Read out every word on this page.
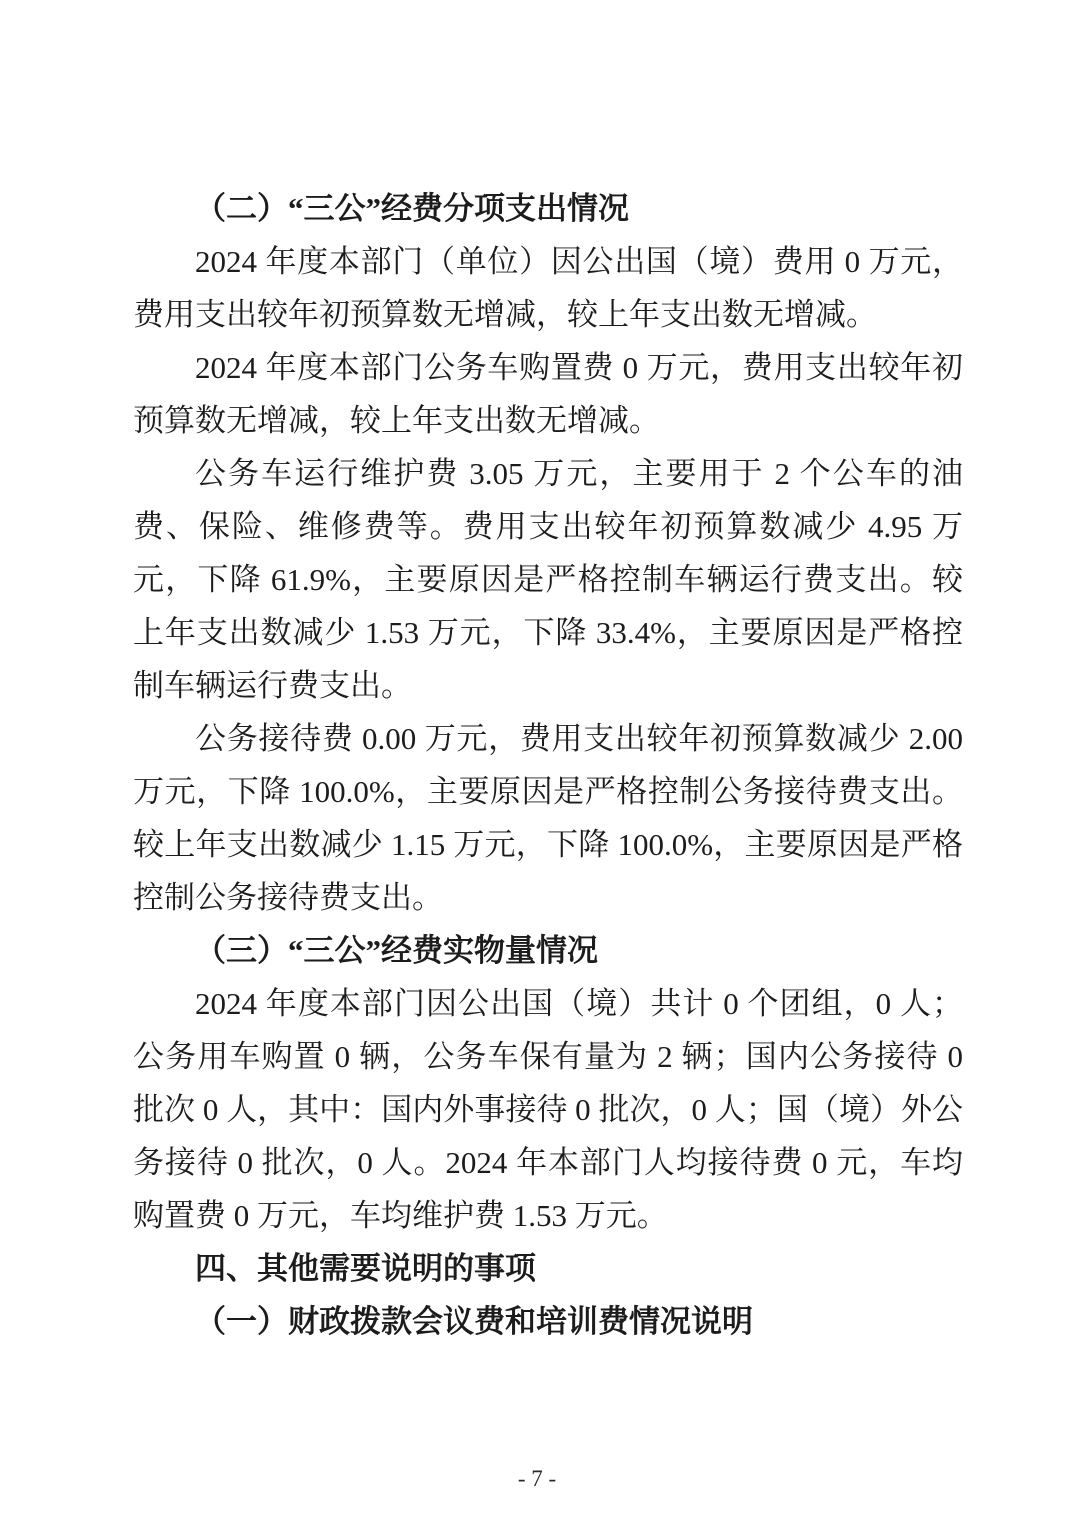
（二）“三公”经费分项支出情况

2024 年度本部门（单位）因公出国（境）费用 0 万元，费用支出较年初预算数无增减，较上年支出数无增减。

2024 年度本部门公务车购置费 0 万元，费用支出较年初预算数无增减，较上年支出数无增减。

公务车运行维护费 3.05 万元，主要用于 2 个公车的油费、保险、维修费等。费用支出较年初预算数减少 4.95 万元，下降 61.9%，主要原因是严格控制车辆运行费支出。较上年支出数减少 1.53 万元，下降 33.4%，主要原因是严格控制车辆运行费支出。

公务接待费 0.00 万元，费用支出较年初预算数减少 2.00 万元，下降 100.0%，主要原因是严格控制公务接待费支出。较上年支出数减少 1.15 万元，下降 100.0%，主要原因是严格控制公务接待费支出。

（三）“三公”经费实物量情况

2024 年度本部门因公出国（境）共计 0 个团组，0 人；公务用车购置 0 辆，公务车保有量为 2 辆；国内公务接待 0 批次 0 人，其中：国内外事接待 0 批次，0 人；国（境）外公务接待 0 批次，0 人。2024 年本部门人均接待费 0 元，车均购置费 0 万元，车均维护费 1.53 万元。

四、其他需要说明的事项

（一）财政拨款会议费和培训费情况说明

- 7 -
